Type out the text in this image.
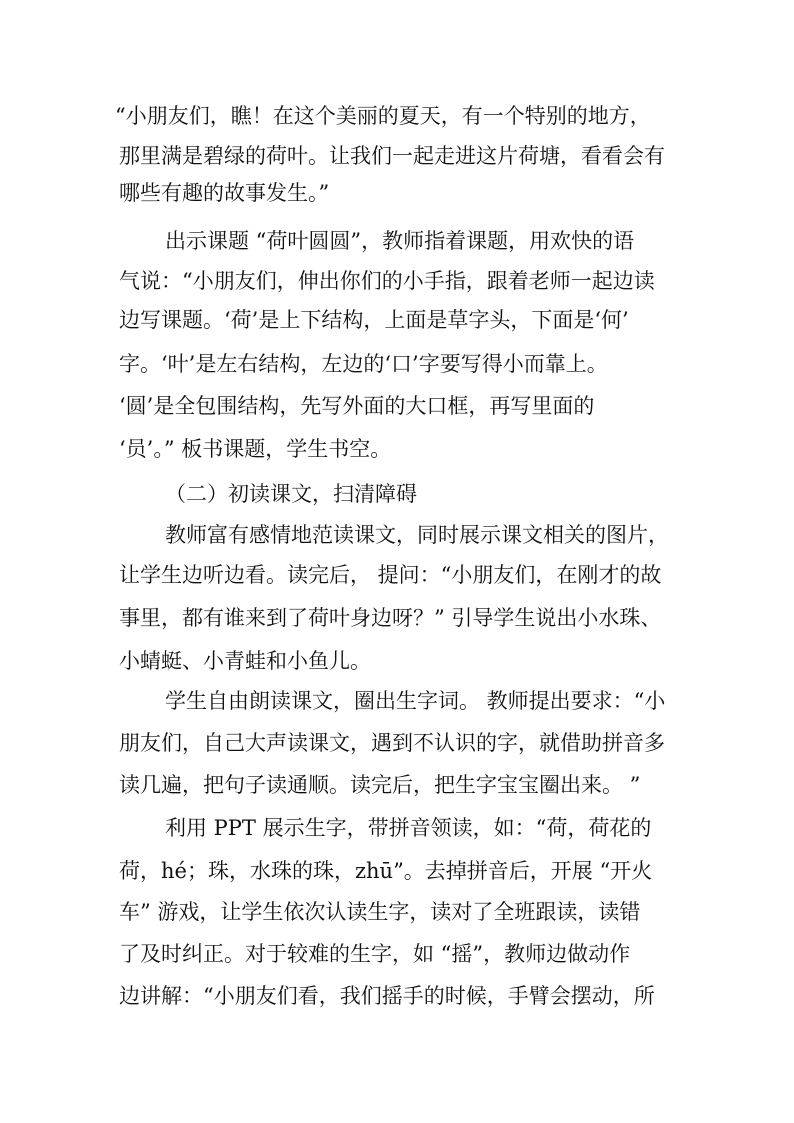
“小朋友们，瞧！在这个美丽的夏天，有一个特别的地方，
那里满是碧绿的荷叶。让我们一起走进这片荷塘，看看会有
哪些有趣的故事发生。”
出示课题 “荷叶圆圆”，教师指着课题，用欢快的语
气说：“小朋友们，伸出你们的小手指，跟着老师一起边读
边写课题。‘荷’是上下结构，上面是草字头，下面是‘何’
字。‘叶’是左右结构，左边的‘口’字要写得小而靠上。
‘圆’是全包围结构，先写外面的大口框，再写里面的
‘员’。” 板书课题，学生书空。
（二）初读课文，扫清障碍
教师富有感情地范读课文，同时展示课文相关的图片，
让学生边听边看。读完后， 提问：“小朋友们，在刚才的故
事里，都有谁来到了荷叶身边呀？” 引导学生说出小水珠、
小蜻蜓、小青蛙和小鱼儿。
学生自由朗读课文，圈出生字词。 教师提出要求：“小
朋友们，自己大声读课文，遇到不认识的字，就借助拼音多
读几遍，把句子读通顺。读完后，把生字宝宝圈出来。 ”
利用 PPT 展示生字，带拼音领读，如：“荷，荷花的
荷，hé；珠，水珠的珠，zhū”。去掉拼音后，开展 “开火
车” 游戏，让学生依次认读生字，读对了全班跟读，读错
了及时纠正。对于较难的生字，如 “摇”，教师边做动作
边讲解：“小朋友们看，我们摇手的时候，手臂会摆动，所
